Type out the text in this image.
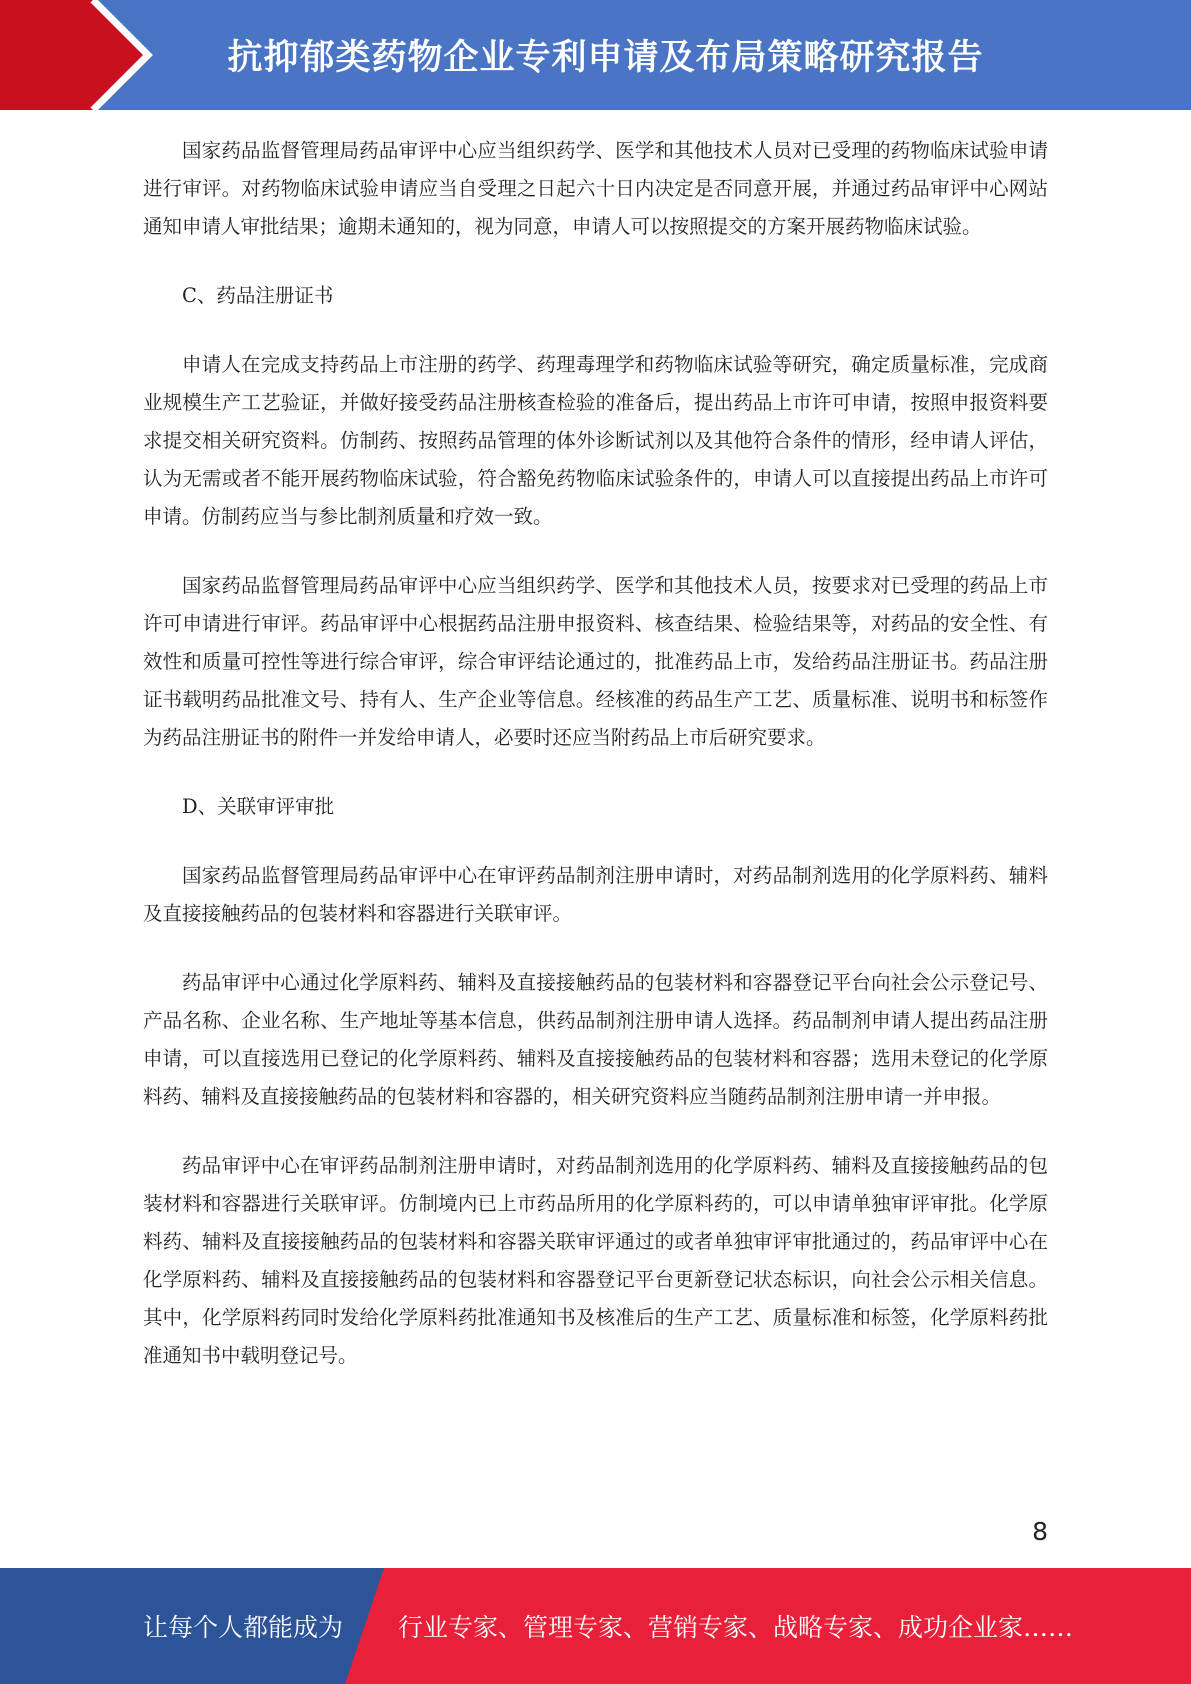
抗抑郁类药物企业专利申请及布局策略研究报告

国家药品监督管理局药品审评中心应当组织药学、医学和其他技术人员对已受理的药物临床试验申请进行审评。对药物临床试验申请应当自受理之日起六十日内决定是否同意开展，并通过药品审评中心网站通知申请人审批结果；逾期未通知的，视为同意，申请人可以按照提交的方案开展药物临床试验。

C、药品注册证书

申请人在完成支持药品上市注册的药学、药理毒理学和药物临床试验等研究，确定质量标准，完成商业规模生产工艺验证，并做好接受药品注册核查检验的准备后，提出药品上市许可申请，按照申报资料要求提交相关研究资料。仿制药、按照药品管理的体外诊断试剂以及其他符合条件的情形，经申请人评估，认为无需或者不能开展药物临床试验，符合豁免药物临床试验条件的，申请人可以直接提出药品上市许可申请。仿制药应当与参比制剂质量和疗效一致。

国家药品监督管理局药品审评中心应当组织药学、医学和其他技术人员，按要求对已受理的药品上市许可申请进行审评。药品审评中心根据药品注册申报资料、核查结果、检验结果等，对药品的安全性、有效性和质量可控性等进行综合审评，综合审评结论通过的，批准药品上市，发给药品注册证书。药品注册证书载明药品批准文号、持有人、生产企业等信息。经核准的药品生产工艺、质量标准、说明书和标签作为药品注册证书的附件一并发给申请人，必要时还应当附药品上市后研究要求。

D、关联审评审批

国家药品监督管理局药品审评中心在审评药品制剂注册申请时，对药品制剂选用的化学原料药、辅料及直接接触药品的包装材料和容器进行关联审评。

药品审评中心通过化学原料药、辅料及直接接触药品的包装材料和容器登记平台向社会公示登记号、产品名称、企业名称、生产地址等基本信息，供药品制剂注册申请人选择。药品制剂申请人提出药品注册申请，可以直接选用已登记的化学原料药、辅料及直接接触药品的包装材料和容器；选用未登记的化学原料药、辅料及直接接触药品的包装材料和容器的，相关研究资料应当随药品制剂注册申请一并申报。

药品审评中心在审评药品制剂注册申请时，对药品制剂选用的化学原料药、辅料及直接接触药品的包装材料和容器进行关联审评。仿制境内已上市药品所用的化学原料药的，可以申请单独审评审批。化学原料药、辅料及直接接触药品的包装材料和容器关联审评通过的或者单独审评审批通过的，药品审评中心在化学原料药、辅料及直接接触药品的包装材料和容器登记平台更新登记状态标识，向社会公示相关信息。其中，化学原料药同时发给化学原料药批准通知书及核准后的生产工艺、质量标准和标签，化学原料药批准通知书中载明登记号。

8
让每个人都能成为 行业专家、管理专家、营销专家、战略专家、成功企业家……
